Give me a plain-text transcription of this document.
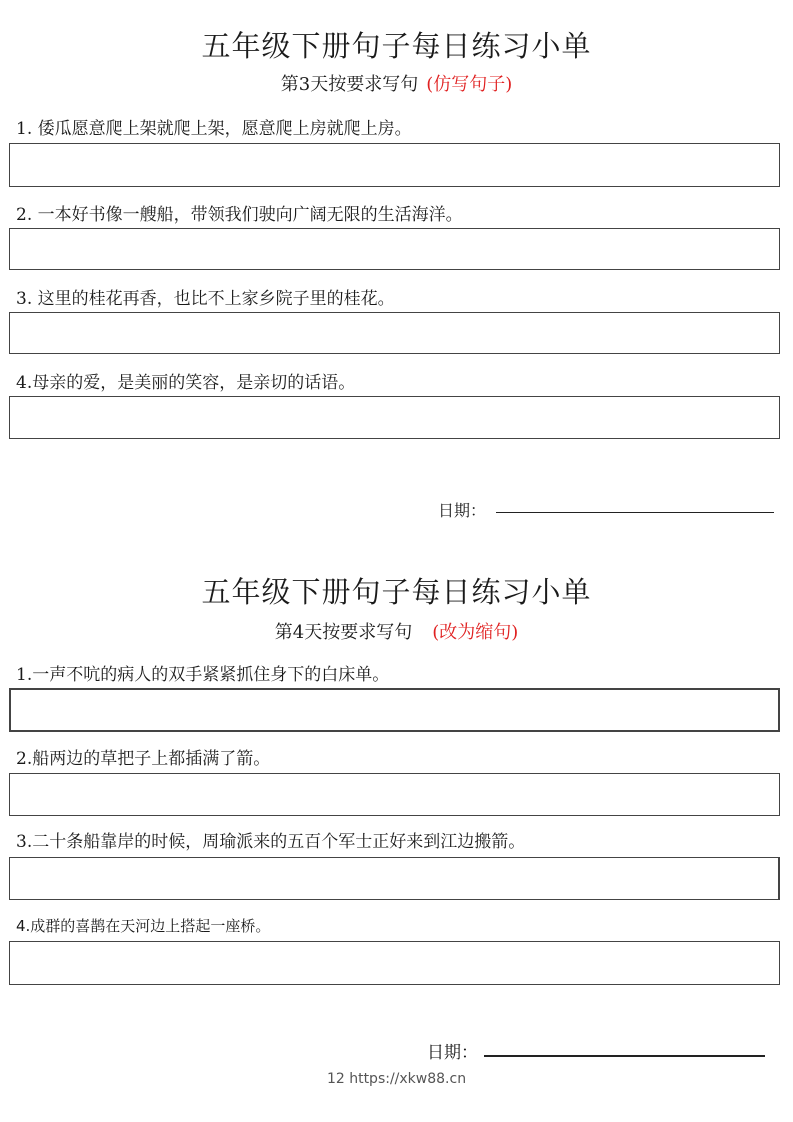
五年级下册句子每日练习小单
第3天按要求写句 (仿写句子)
1. 倭瓜愿意爬上架就爬上架，愿意爬上房就爬上房。
2. 一本好书像一艘船，带领我们驶向广阔无限的生活海洋。
3. 这里的桂花再香，也比不上家乡院子里的桂花。
4.母亲的爱，是美丽的笑容，是亲切的话语。
日期：
五年级下册句子每日练习小单
第4天按要求写句 (改为缩句)
1.一声不吭的病人的双手紧紧抓住身下的白床单。
2.船两边的草把子上都插满了箭。
3.二十条船靠岸的时候，周瑜派来的五百个军士正好来到江边搬箭。
4.成群的喜鹊在天河边上搭起一座桥。
日期：
12 https://xkw88.cn
